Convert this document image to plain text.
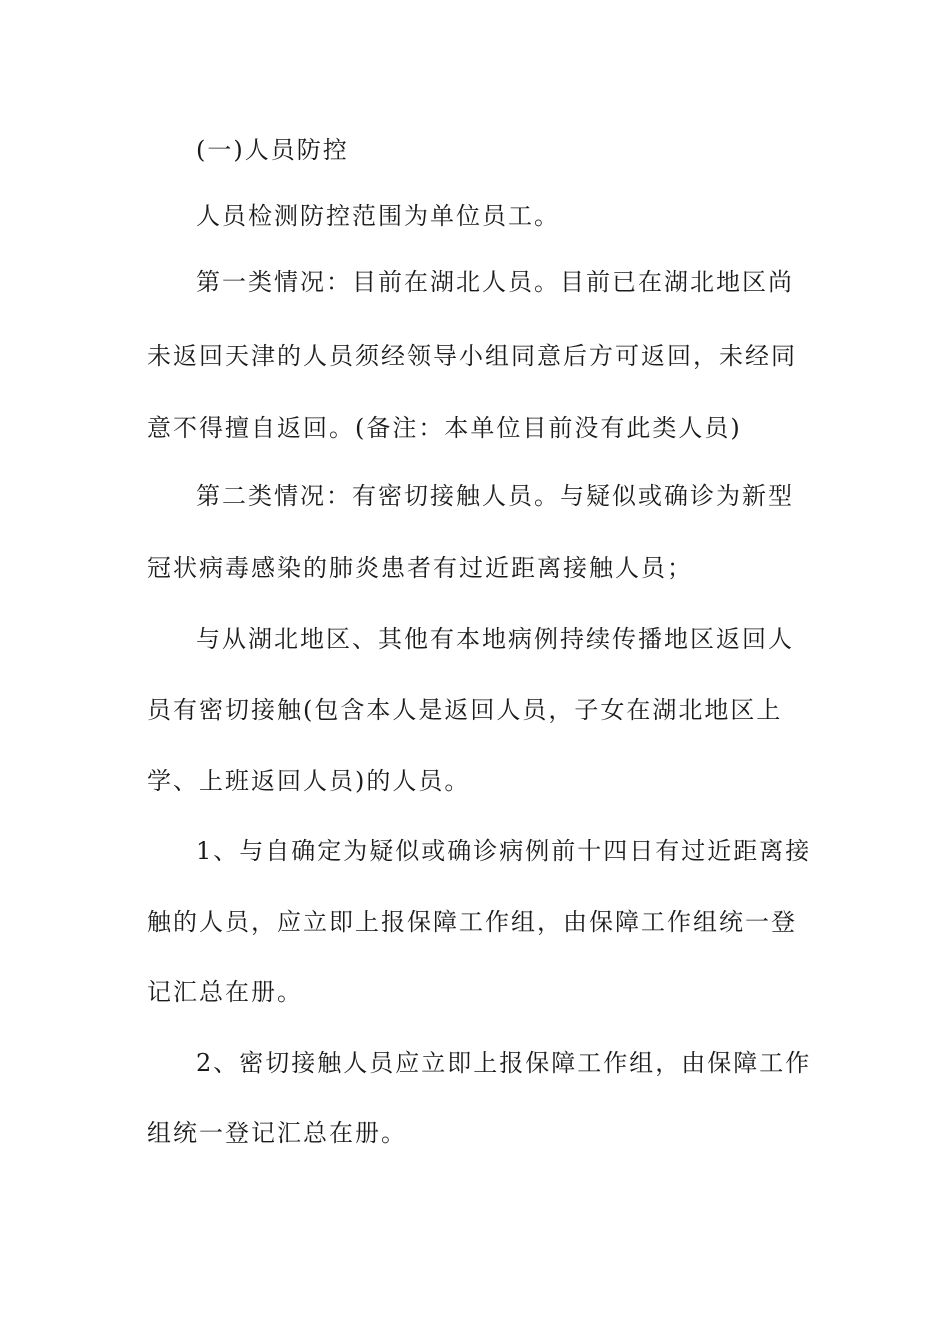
(一)人员防控
人员检测防控范围为单位员工。
第一类情况：目前在湖北人员。目前已在湖北地区尚
未返回天津的人员须经领导小组同意后方可返回，未经同
意不得擅自返回。(备注：本单位目前没有此类人员)
第二类情况：有密切接触人员。与疑似或确诊为新型
冠状病毒感染的肺炎患者有过近距离接触人员；
与从湖北地区、其他有本地病例持续传播地区返回人
员有密切接触(包含本人是返回人员，子女在湖北地区上
学、上班返回人员)的人员。
1、与自确定为疑似或确诊病例前十四日有过近距离接
触的人员，应立即上报保障工作组，由保障工作组统一登
记汇总在册。
2、密切接触人员应立即上报保障工作组，由保障工作
组统一登记汇总在册。
